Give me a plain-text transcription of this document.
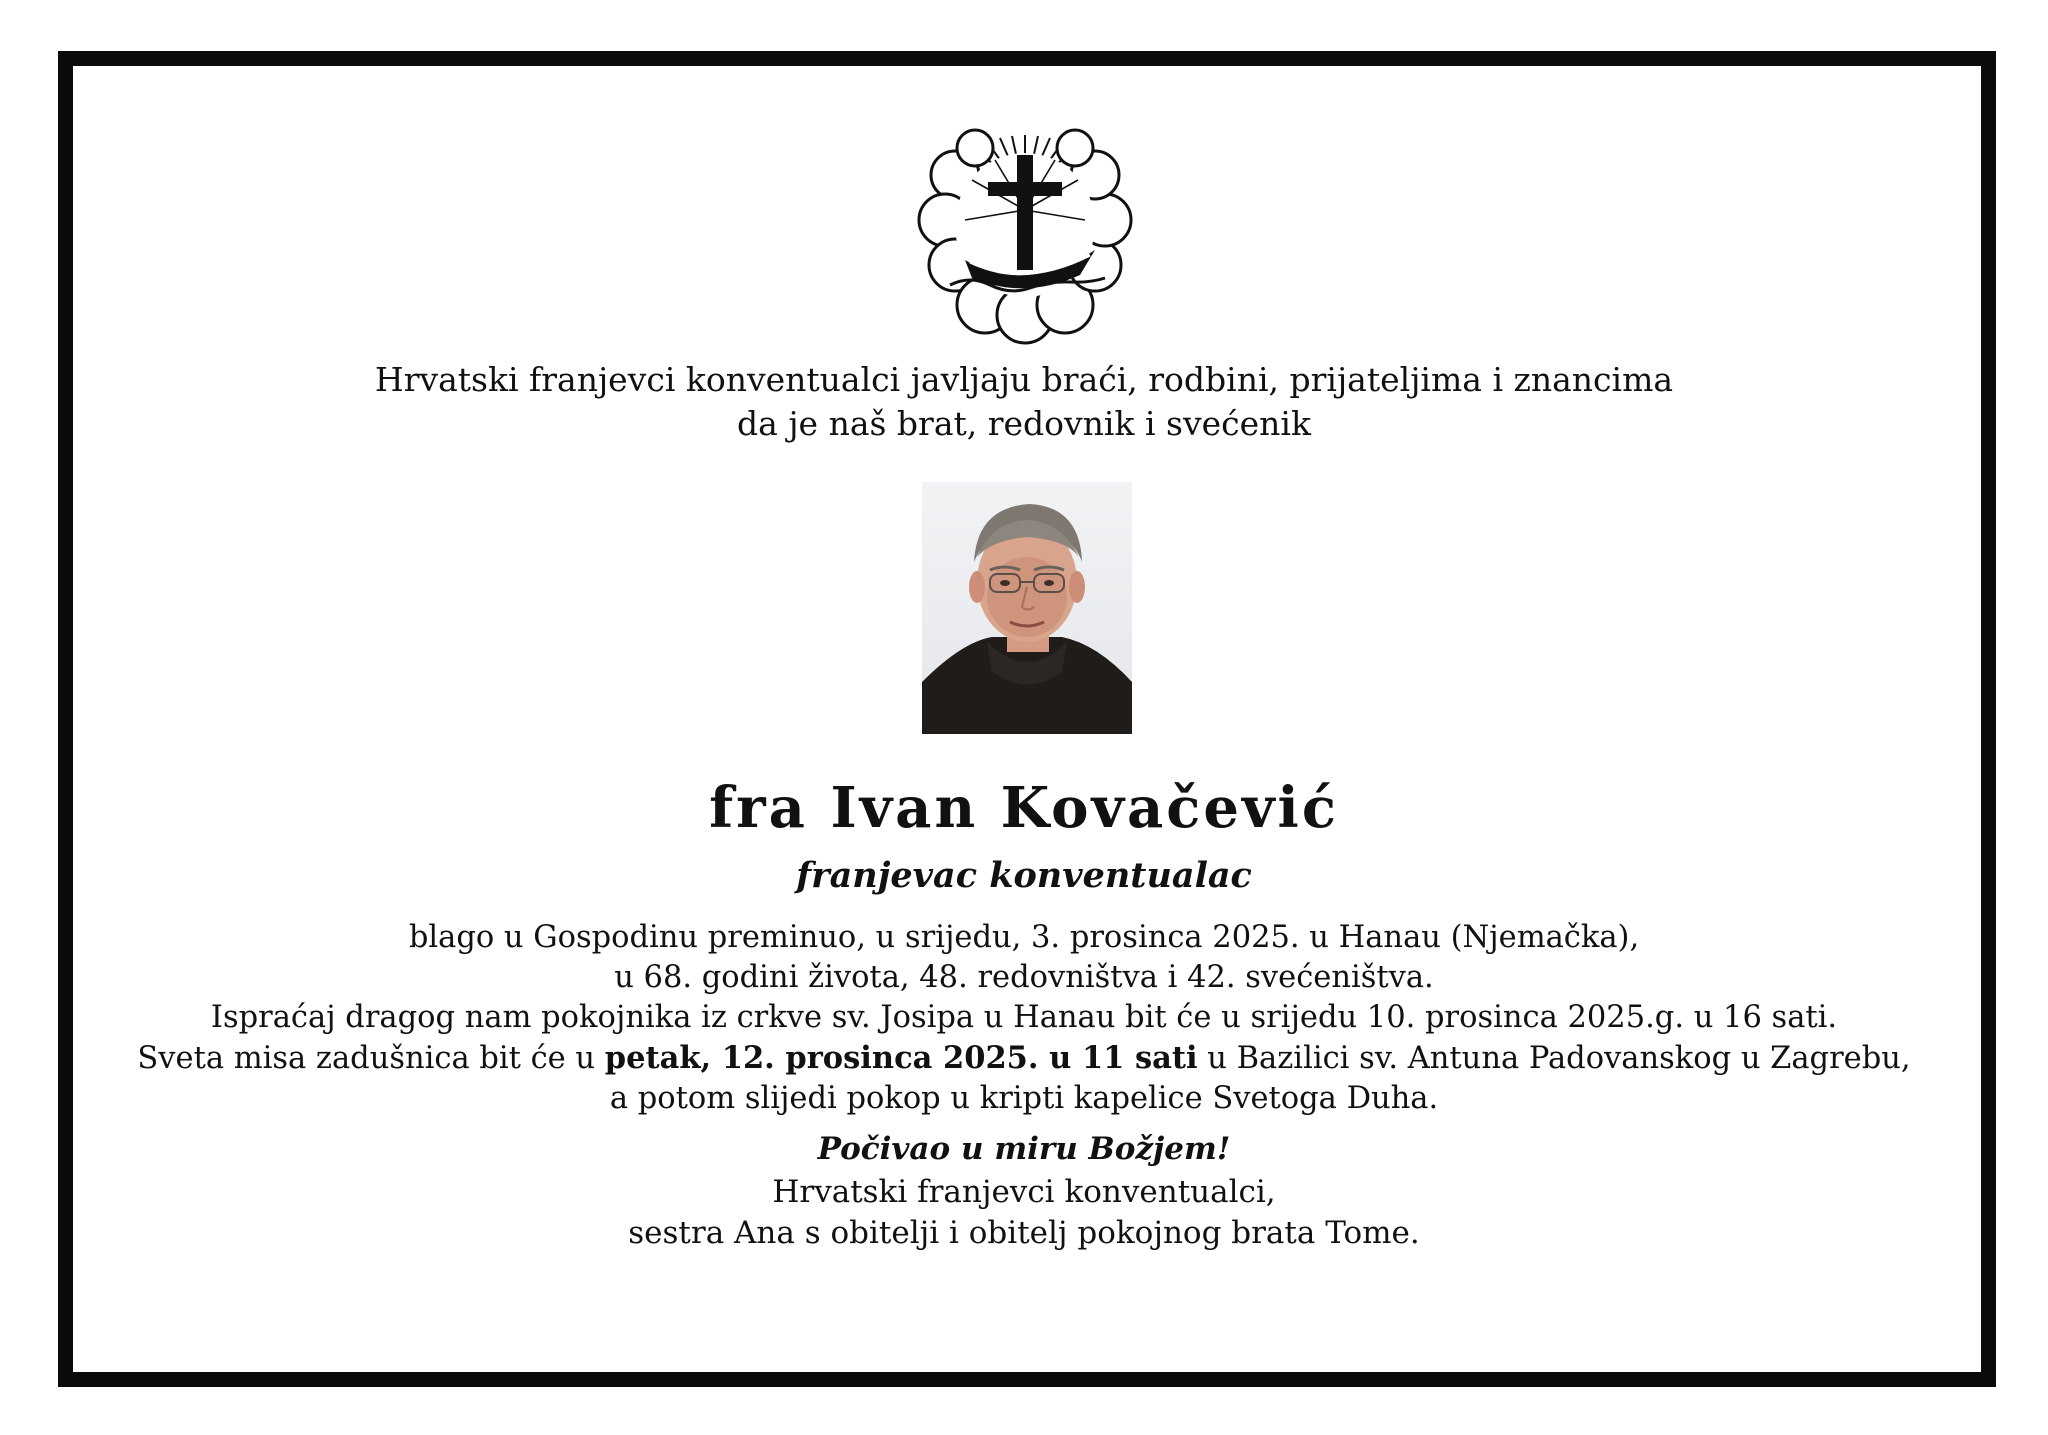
Hrvatski franjevci konventualci javljaju braći, rodbini, prijateljima i znancima
da je naš brat, redovnik i svećenik
fra Ivan Kovačević
franjevac konventualac
blago u Gospodinu preminuo, u srijedu, 3. prosinca 2025. u Hanau (Njemačka),
u 68. godini života, 48. redovništva i 42. svećeništva.
Ispraćaj dragog nam pokojnika iz crkve sv. Josipa u Hanau bit će u srijedu 10. prosinca 2025.g. u 16 sati.
Sveta misa zadušnica bit će u petak, 12. prosinca 2025. u 11 sati u Bazilici sv. Antuna Padovanskog u Zagrebu,
a potom slijedi pokop u kripti kapelice Svetoga Duha.
Počivao u miru Božjem!
Hrvatski franjevci konventualci,
sestra Ana s obitelji i obitelj pokojnog brata Tome.
